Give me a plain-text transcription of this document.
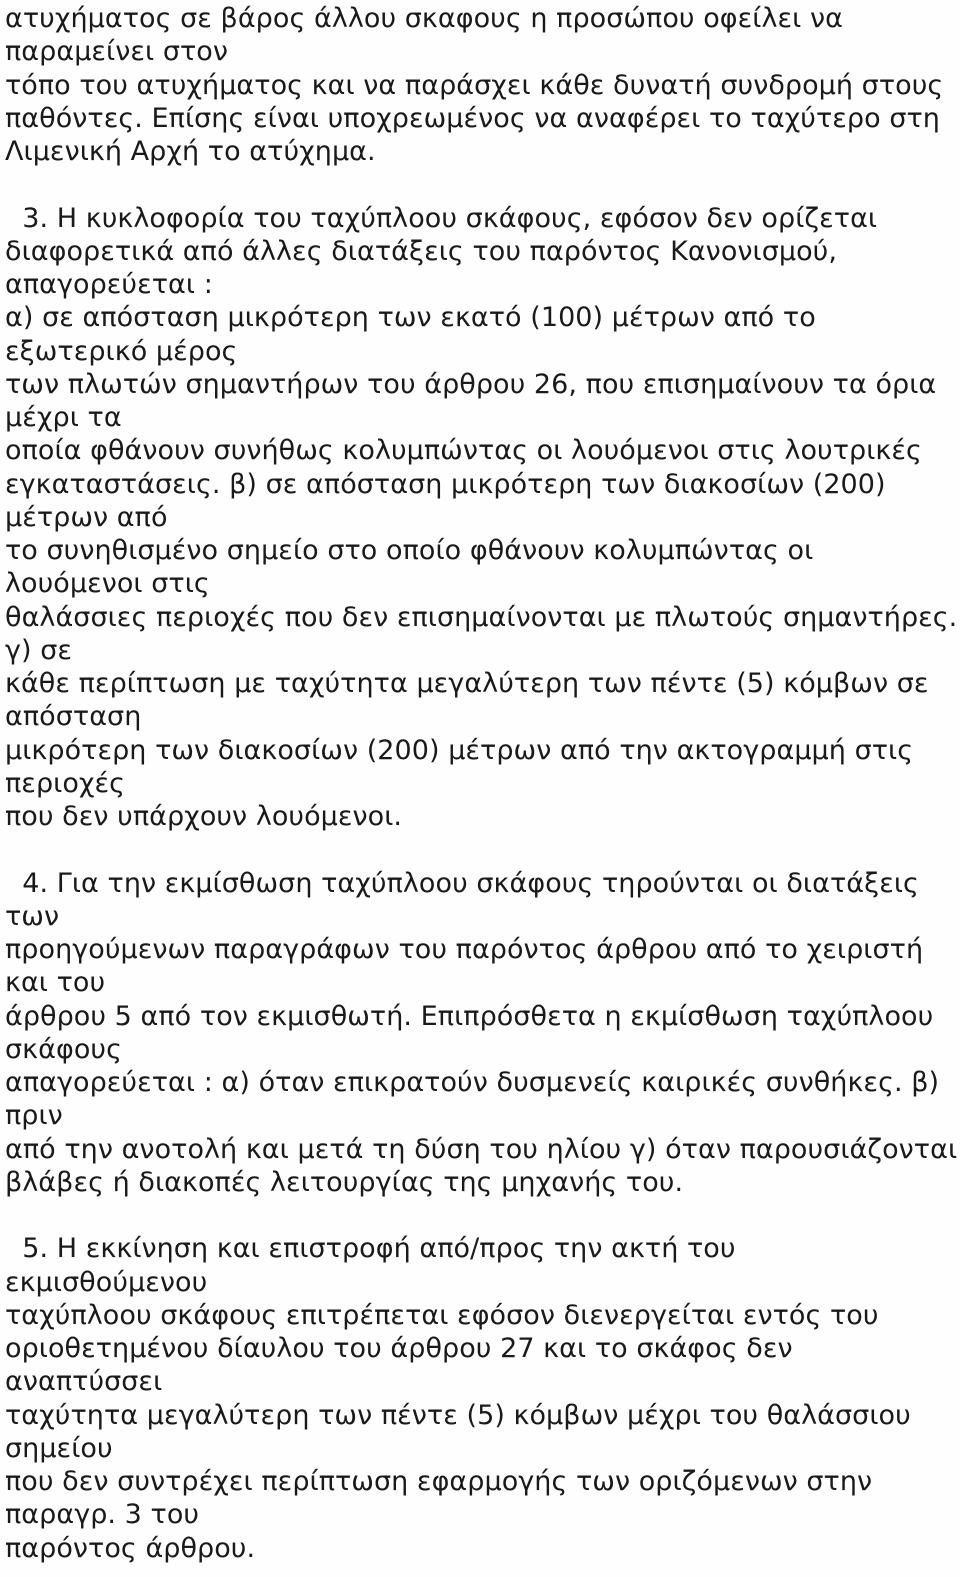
ατυχήματος σε βάρος άλλου σκαφους η προσώπου οφείλει να
παραμείνει στον
τόπο του ατυχήματος και να παράσχει κάθε δυνατή συνδρομή στους
παθόντες. Επίσης είναι υποχρεωμένος να αναφέρει το ταχύτερο στη
Λιμενική Αρχή το ατύχημα.
3. Η κυκλοφορία του ταχύπλοου σκάφους, εφόσον δεν ορίζεται
διαφορετικά από άλλες διατάξεις του παρόντος Κανονισμού,
απαγορεύεται :
α) σε απόσταση μικρότερη των εκατό (100) μέτρων από το
εξωτερικό μέρος
των πλωτών σημαντήρων του άρθρου 26, που επισημαίνουν τα όρια
μέχρι τα
οποία φθάνουν συνήθως κολυμπώντας οι λουόμενοι στις λουτρικές
εγκαταστάσεις. β) σε απόσταση μικρότερη των διακοσίων (200)
μέτρων από
το συνηθισμένο σημείο στο οποίο φθάνουν κολυμπώντας οι
λουόμενοι στις
θαλάσσιες περιοχές που δεν επισημαίνονται με πλωτούς σημαντήρες.
γ) σε
κάθε περίπτωση με ταχύτητα μεγαλύτερη των πέντε (5) κόμβων σε
απόσταση
μικρότερη των διακοσίων (200) μέτρων από την ακτογραμμή στις
περιοχές
που δεν υπάρχουν λουόμενοι.
4. Για την εκμίσθωση ταχύπλοου σκάφους τηρούνται οι διατάξεις
των
προηγούμενων παραγράφων του παρόντος άρθρου από το χειριστή
και του
άρθρου 5 από τον εκμισθωτή. Επιπρόσθετα η εκμίσθωση ταχύπλοου
σκάφους
απαγορεύεται : α) όταν επικρατούν δυσμενείς καιρικές συνθήκες. β)
πριν
από την ανοτολή και μετά τη δύση του ηλίου γ) όταν παρουσιάζονται
βλάβες ή διακοπές λειτουργίας της μηχανής του.
5. Η εκκίνηση και επιστροφή από/προς την ακτή του
εκμισθούμενου
ταχύπλοου σκάφους επιτρέπεται εφόσον διενεργείται εντός του
οριοθετημένου δίαυλου του άρθρου 27 και το σκάφος δεν
αναπτύσσει
ταχύτητα μεγαλύτερη των πέντε (5) κόμβων μέχρι του θαλάσσιου
σημείου
που δεν συντρέχει περίπτωση εφαρμογής των οριζόμενων στην
παραγρ. 3 του
παρόντος άρθρου.
